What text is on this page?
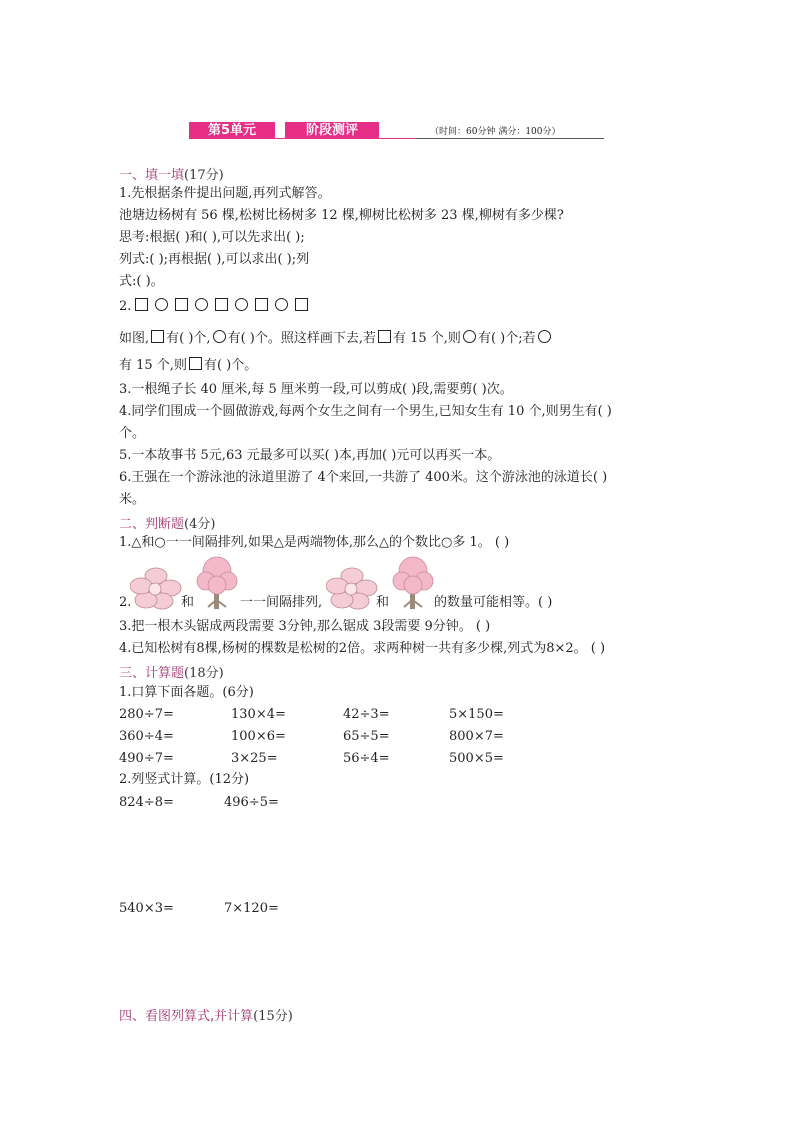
第5单元	阶段测评	（时间：60分钟 满分：100分）
一、填一填(17分)
1.先根据条件提出问题,再列式解答。
池塘边杨树有 56 棵,松树比杨树多 12 棵,柳树比松树多 23 棵,柳树有多少棵?
思考:根据( )和( ),可以先求出( );
列式:( );再根据( ),可以求出( );列
式:( )。
2.
如图, 有( )个, 有( )个。照这样画下去,若 有 15 个,则 有( )个;若
有 15 个,则 有( )个。
3.一根绳子长 40 厘米,每 5 厘米剪一段,可以剪成( )段,需要剪( )次。
4.同学们围成一个圆做游戏,每两个女生之间有一个男生,已知女生有 10 个,则男生有( )
个。
5.一本故事书 5元,63 元最多可以买( )本,再加( )元可以再买一本。
6.王强在一个游泳池的泳道里游了 4个来回,一共游了 400米。这个游泳池的泳道长( )
米。
二、判断题(4分)
1.△和○一一间隔排列,如果△是两端物体,那么△的个数比○多 1。 ( )
2.	和	一一间隔排列,	和	的数量可能相等。( )
3.把一根木头锯成两段需要 3分钟,那么锯成 3段需要 9分钟。 ( )
4.已知松树有8棵,杨树的棵数是松树的2倍。求两种树一共有多少棵,列式为8×2。 ( )
三、计算题(18分)
1.口算下面各题。(6分)
280÷7=	130×4=	42÷3=	5×150=
360÷4=	100×6=	65÷5=	800×7=
490÷7=	3×25=	56÷4=	500×5=
2.列竖式计算。(12分)
824÷8=	496÷5=
540×3=	7×120=
四、看图列算式,并计算(15分)
